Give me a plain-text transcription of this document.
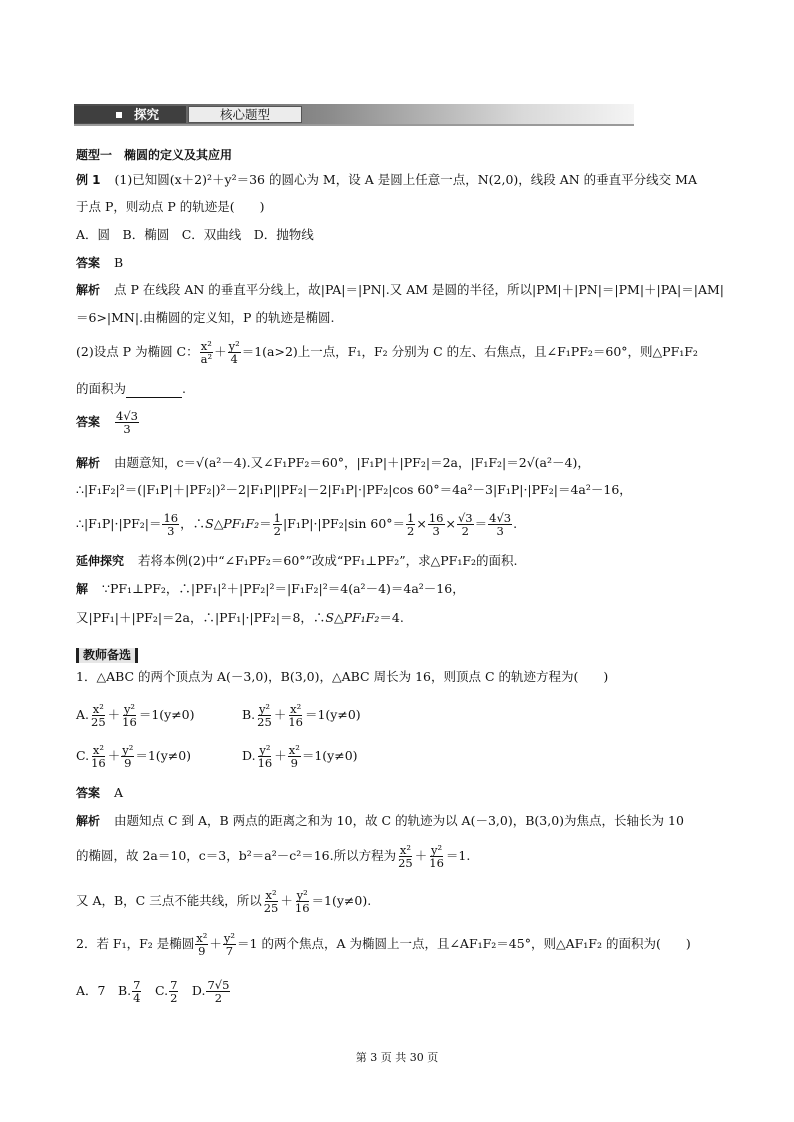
探究	核心题型
题型一　椭圆的定义及其应用
例 1 (1)已知圆(x＋2)²＋y²＝36 的圆心为 M，设 A 是圆上任意一点，N(2,0)，线段 AN 的垂直平分线交 MA
于点 P，则动点 P 的轨迹是(　　)
A．圆　B．椭圆　C．双曲线　D．抛物线
答案 B
解析 点 P 在线段 AN 的垂直平分线上，故|PA|＝|PN|.又 AM 是圆的半径，所以|PM|＋|PN|＝|PM|＋|PA|＝|AM|
＝6>|MN|.由椭圆的定义知，P 的轨迹是椭圆.
(2)设点 P 为椭圆 C： $\frac{\text{x²}}{\text{a²}} + \frac{\text{y²}}{4} =1(a>2)$上一点，F₁，F₂ 分别为 C 的左、右焦点，且∠F₁PF₂＝60°，则△PF₁F₂
的面积为	.
答案 $\frac{4√3}{3}$
解析 由题意知，c＝√(a²－4).又∠F₁PF₂＝60°，|F₁P|＋|PF₂|＝2a，|F₁F₂|＝2√(a²－4)，
∴|F₁F₂|²＝(|F₁P|＋|PF₂|)²－2|F₁P||PF₂|－2|F₁P|·|PF₂|cos 60°＝4a²－3|F₁P|·|PF₂|＝4a²－16，
∴|F₁P|·|PF₂|＝ $\frac{16}{3}$ ，∴S△PF₁F₂＝ $\frac{1}{2} |F_1P|\cdot|PF_2|\sin$ $60^\circ= \frac{1}{2} \times \frac{16}{3} \times \frac{√3}{2} = \frac{4√3}{3}$ .
延伸探究 若将本例(2)中“∠F₁PF₂＝60°”改成“PF₁⊥PF₂”，求△PF₁F₂的面积.
解 ∵PF₁⊥PF₂，∴|PF₁|²＋|PF₂|²＝|F₁F₂|²＝4(a²－4)＝4a²－16，
又|PF₁|＋|PF₂|＝2a，∴|PF₁|·|PF₂|＝8，∴S△PF₁F₂＝4.
教师备选
1．△ABC 的两个顶点为 A(－3,0)，B(3,0)，△ABC 周长为 16，则顶点 C 的轨迹方程为(　　)
A. $\frac{\text{x²}}{25} + \frac{\text{y²}}{16} =1(y\ne 0)$	B. $\frac{\text{y²}}{25} + \frac{\text{x²}}{16} =1(y\ne 0)$
C. $\frac{\text{x²}}{16} + \frac{\text{y²}}{9} =1(y\ne 0)$	D. $\frac{\text{y²}}{16} + \frac{\text{x²}}{9} =1(y\ne 0)$
答案 A
解析 由题知点 C 到 A，B 两点的距离之和为 10，故 C 的轨迹为以 A(－3,0)，B(3,0)为焦点，长轴长为 10
的椭圆，故 2a＝10，c＝3，b²＝a²－c²＝16.所以方程为 $\frac{\text{x²}}{25} + \frac{\text{y²}}{16} =1$.
又 A，B，C 三点不能共线，所以 $\frac{\text{x²}}{25} + \frac{\text{y²}}{16} =1(y\ne 0)$.
2．若 F₁，F₂ 是椭圆 $\frac{\text{x²}}{9} + \frac{\text{y²}}{7} =1$ 的两个焦点，A 为椭圆上一点，且∠AF₁F₂＝45°，则△AF₁F₂ 的面积为(　　)
A．7  B. $\frac{7}{4}$
  C. $\frac{7}{2}$
  D. $\frac{7√5}{2}$
第 3 页 共 30 页
